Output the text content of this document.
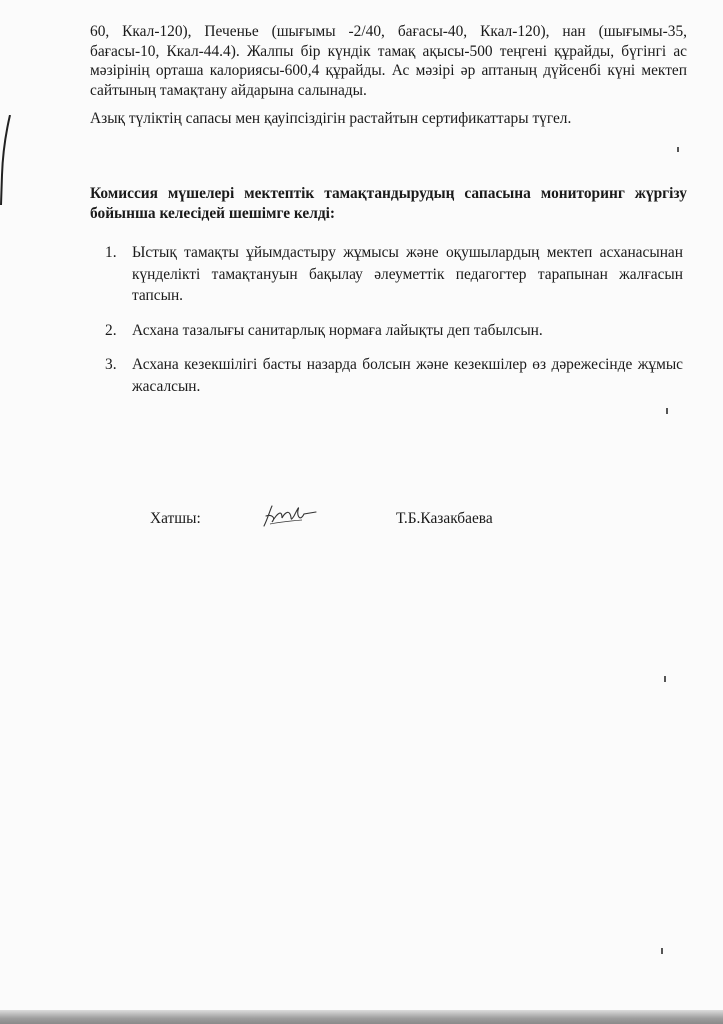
60, Ккал-120), Печенье (шығымы -2/40, бағасы-40, Ккал-120), нан (шығымы-35, бағасы-10, Ккал-44.4). Жалпы бір күндік тамақ ақысы-500 теңгені құрайды, бүгінгі ас мәзірінің орташа калориясы-600,4 құрайды. Ас мәзірі әр аптаның дүйсенбі күні мектеп сайтының тамақтану айдарына салынады.
Азық түліктің сапасы мен қауіпсіздігін растайтын сертификаттары түгел.
Комиссия мүшелері мектептік тамақтандырудың сапасына мониторинг жүргізу бойынша келесідей шешімге келді:
1. Ыстық тамақты ұйымдастыру жұмысы және оқушылардың мектеп асханасынан күнделікті тамақтануын бақылау әлеуметтік педагогтер тарапынан жалғасын тапсын.
2. Асхана тазалығы санитарлық нормаға лайықты деп табылсын.
3. Асхана кезекшілігі басты назарда болсын және кезекшілер өз дәрежесінде жұмыс жасалсын.
Хатшы:	Т.Б.Казакбаева
